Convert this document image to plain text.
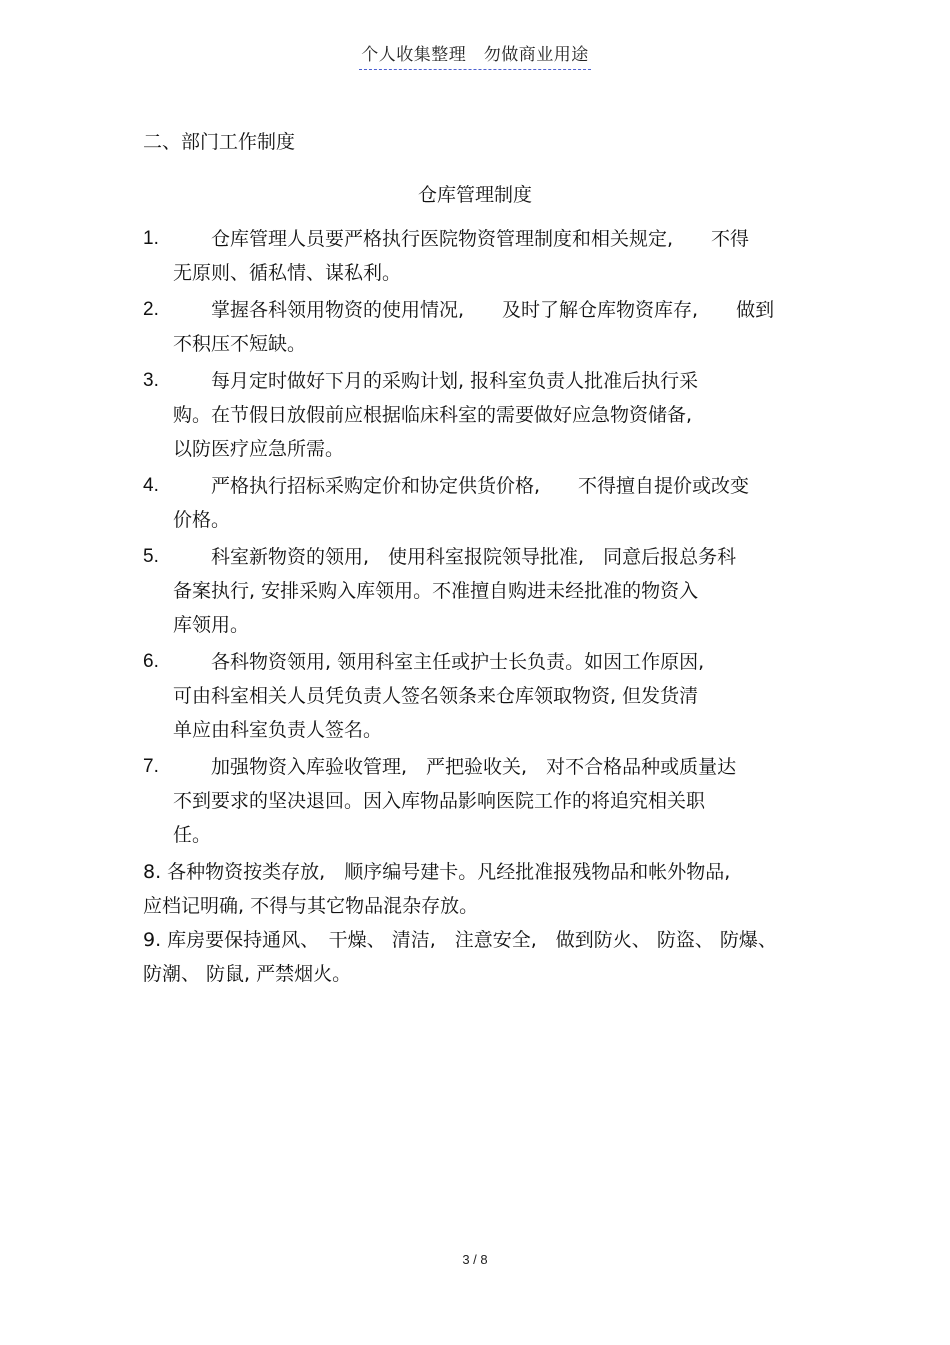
个人收集整理　勿做商业用途
二、部门工作制度
仓库管理制度
1.	仓库管理人员要严格执行医院物资管理制度和相关规定,　　不得
无原则、循私情、谋私利。
2.	掌握各科领用物资的使用情况,　　及时了解仓库物资库存,　　做到
不积压不短缺。
3.	每月定时做好下月的采购计划, 报科室负责人批准后执行采
购。在节假日放假前应根据临床科室的需要做好应急物资储备,
以防医疗应急所需。
4.	严格执行招标采购定价和协定供货价格,　　不得擅自提价或改变
价格。
5.	科室新物资的领用,　使用科室报院领导批准,　同意后报总务科
备案执行, 安排采购入库领用。不准擅自购进未经批准的物资入
库领用。
6.	各科物资领用, 领用科室主任或护士长负责。如因工作原因,
可由科室相关人员凭负责人签名领条来仓库领取物资, 但发货清
单应由科室负责人签名。
7.	加强物资入库验收管理,　严把验收关,　对不合格品种或质量达
不到要求的坚决退回。因入库物品影响医院工作的将追究相关职
任。
8. 各种物资按类存放,　顺序编号建卡。凡经批准报残物品和帐外物品,
应档记明确, 不得与其它物品混杂存放。
9. 库房要保持通风、　干燥、 清洁,　注意安全,　做到防火、 防盗、 防爆、
防潮、 防鼠, 严禁烟火。
3 / 8
